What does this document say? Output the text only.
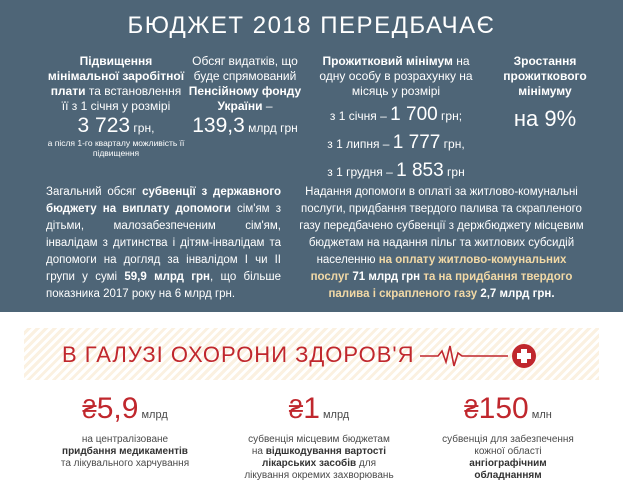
БЮДЖЕТ 2018 ПЕРЕДБАЧАЄ
Підвищення мінімальної заробітної плати та встановлення її з 1 січня у розмірі
3 723 грн,
а після 1-го кварталу можливість її підвищення
Обсяг видатків, що буде спрямований Пенсійному фонду України –
139,3 млрд грн
Прожитковий мінімум на одну особу в розрахунку на місяць у розмірі
з 1 січня – 1 700 грн;
з 1 липня – 1 777 грн,
з 1 грудня – 1 853 грн
Зростання прожиткового мінімуму

на 9%
Загальний обсяг субвенції з державного бюджету на виплату допомоги сім'ям з дітьми, малозабезпеченим сім'ям, інвалідам з дитинства і дітям-інвалідам та допомоги на догляд за інвалідом I чи II групи у сумі 59,9 млрд грн, що більше показника 2017 року на 6 млрд грн.
Надання допомоги в оплаті за житлово-комунальні послуги, придбання твердого палива та скрапленого газу передбачено субвенції з держбюджету місцевим бюджетам на надання пільг та житлових субсидій населенню на оплату житлово-комунальних послуг 71 млрд грн та на придбання твердого палива і скрапленого газу 2,7 млрд грн.
В ГАЛУЗІ ОХОРОНИ ЗДОРОВ'Я
₴5,9 млрд
на централізоване
придбання медикаментів
та лікувального харчування
₴1 млрд
субвенція місцевим бюджетам на відшкодування вартості лікарських засобів для лікування окремих захворювань
₴150 млн
субвенція для забезпечення кожної області ангіографічним обладнанням
